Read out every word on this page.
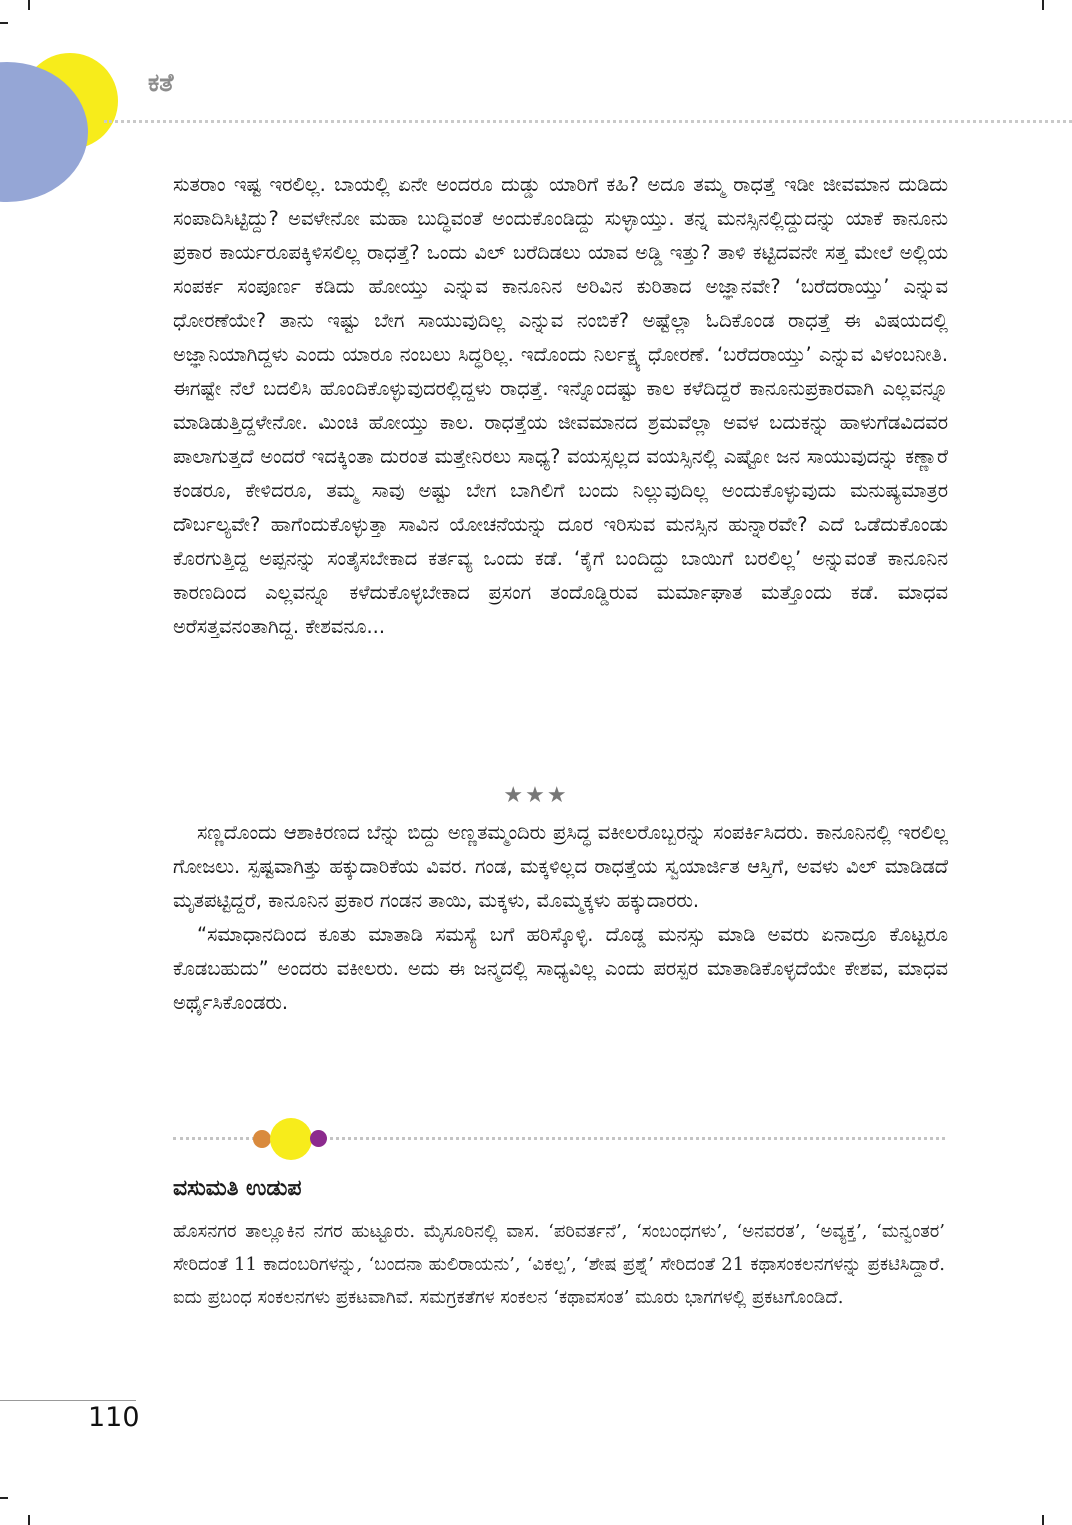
ಕತೆ

ಸುತರಾಂ ಇಷ್ಟ ಇರಲಿಲ್ಲ. ಬಾಯಲ್ಲಿ ಏನೇ ಅಂದರೂ ದುಡ್ಡು ಯಾರಿಗೆ ಕಹಿ? ಅದೂ ತಮ್ಮ ರಾಧತ್ತೆ ಇಡೀ ಜೀವಮಾನ ದುಡಿದು ಸಂಪಾದಿಸಿಟ್ಟಿದ್ದು? ಅವಳೇನೋ ಮಹಾ ಬುದ್ಧಿವಂತೆ ಅಂದುಕೊಂಡಿದ್ದು ಸುಳ್ಳಾಯ್ತು. ತನ್ನ ಮನಸ್ಸಿನಲ್ಲಿದ್ದುದನ್ನು ಯಾಕೆ ಕಾನೂನು ಪ್ರಕಾರ ಕಾರ್ಯರೂಪಕ್ಕಿಳಿಸಲಿಲ್ಲ ರಾಧತ್ತೆ? ಒಂದು ವಿಲ್ ಬರೆದಿಡಲು ಯಾವ ಅಡ್ಡಿ ಇತ್ತು? ತಾಳಿ ಕಟ್ಟಿದವನೇ ಸತ್ತ ಮೇಲೆ ಅಲ್ಲಿಯ ಸಂಪರ್ಕ ಸಂಪೂರ್ಣ ಕಡಿದು ಹೋಯ್ತು ಎನ್ನುವ ಕಾನೂನಿನ ಅರಿವಿನ ಕುರಿತಾದ ಅಜ್ಞಾನವೇ? ‘ಬರೆದರಾಯ್ತು’ ಎನ್ನುವ ಧೋರಣೆಯೇ? ತಾನು ಇಷ್ಟು ಬೇಗ ಸಾಯುವುದಿಲ್ಲ ಎನ್ನುವ ನಂಬಿಕೆ? ಅಷ್ಟೆಲ್ಲಾ ಓದಿಕೊಂಡ ರಾಧತ್ತೆ ಈ ವಿಷಯದಲ್ಲಿ ಅಜ್ಞಾನಿಯಾಗಿದ್ದಳು ಎಂದು ಯಾರೂ ನಂಬಲು ಸಿದ್ಧರಿಲ್ಲ. ಇದೊಂದು ನಿರ್ಲಕ್ಷ್ಯ ಧೋರಣೆ. ‘ಬರೆದರಾಯ್ತು’ ಎನ್ನುವ ವಿಳಂಬನೀತಿ. ಈಗಷ್ಟೇ ನೆಲೆ ಬದಲಿಸಿ ಹೊಂದಿಕೊಳ್ಳುವುದರಲ್ಲಿದ್ದಳು ರಾಧತ್ತೆ. ಇನ್ನೊಂದಷ್ಟು ಕಾಲ ಕಳೆದಿದ್ದರೆ ಕಾನೂನುಪ್ರಕಾರವಾಗಿ ಎಲ್ಲವನ್ನೂ ಮಾಡಿಡುತ್ತಿದ್ದಳೇನೋ. ಮಿಂಚಿ ಹೋಯ್ತು ಕಾಲ. ರಾಧತ್ತೆಯ ಜೀವಮಾನದ ಶ್ರಮವೆಲ್ಲಾ ಅವಳ ಬದುಕನ್ನು ಹಾಳುಗೆಡವಿದವರ ಪಾಲಾಗುತ್ತದೆ ಅಂದರೆ ಇದಕ್ಕಿಂತಾ ದುರಂತ ಮತ್ತೇನಿರಲು ಸಾಧ್ಯ? ವಯಸ್ಸಲ್ಲದ ವಯಸ್ಸಿನಲ್ಲಿ ಎಷ್ಟೋ ಜನ ಸಾಯುವುದನ್ನು ಕಣ್ಣಾರೆ ಕಂಡರೂ, ಕೇಳಿದರೂ, ತಮ್ಮ ಸಾವು ಅಷ್ಟು ಬೇಗ ಬಾಗಿಲಿಗೆ ಬಂದು ನಿಲ್ಲುವುದಿಲ್ಲ ಅಂದುಕೊಳ್ಳುವುದು ಮನುಷ್ಯಮಾತ್ರರ ದೌರ್ಬಲ್ಯವೇ? ಹಾಗೆಂದುಕೊಳ್ಳುತ್ತಾ ಸಾವಿನ ಯೋಚನೆಯನ್ನು ದೂರ ಇರಿಸುವ ಮನಸ್ಸಿನ ಹುನ್ನಾರವೇ? ಎದೆ ಒಡೆದುಕೊಂಡು ಕೊರಗುತ್ತಿದ್ದ ಅಪ್ಪನನ್ನು ಸಂತೈಸಬೇಕಾದ ಕರ್ತವ್ಯ ಒಂದು ಕಡೆ. ‘ಕೈಗೆ ಬಂದಿದ್ದು ಬಾಯಿಗೆ ಬರಲಿಲ್ಲ’ ಅನ್ನುವಂತೆ ಕಾನೂನಿನ ಕಾರಣದಿಂದ ಎಲ್ಲವನ್ನೂ ಕಳೆದುಕೊಳ್ಳಬೇಕಾದ ಪ್ರಸಂಗ ತಂದೊಡ್ಡಿರುವ ಮರ್ಮಾಘಾತ ಮತ್ತೊಂದು ಕಡೆ. ಮಾಧವ ಅರೆಸತ್ತವನಂತಾಗಿದ್ದ. ಕೇಶವನೂ...

★★★

ಸಣ್ಣದೊಂದು ಆಶಾಕಿರಣದ ಬೆನ್ನು ಬಿದ್ದು ಅಣ್ಣತಮ್ಮಂದಿರು ಪ್ರಸಿದ್ಧ ವಕೀಲರೊಬ್ಬರನ್ನು ಸಂಪರ್ಕಿಸಿದರು. ಕಾನೂನಿನಲ್ಲಿ ಇರಲಿಲ್ಲ ಗೋಜಲು. ಸ್ಪಷ್ಟವಾಗಿತ್ತು ಹಕ್ಕುದಾರಿಕೆಯ ವಿವರ. ಗಂಡ, ಮಕ್ಕಳಿಲ್ಲದ ರಾಧತ್ತೆಯ ಸ್ವಯಾರ್ಜಿತ ಆಸ್ತಿಗೆ, ಅವಳು ವಿಲ್ ಮಾಡಿಡದೆ ಮೃತಪಟ್ಟಿದ್ದರೆ, ಕಾನೂನಿನ ಪ್ರಕಾರ ಗಂಡನ ತಾಯಿ, ಮಕ್ಕಳು, ಮೊಮ್ಮಕ್ಕಳು ಹಕ್ಕುದಾರರು.

“ಸಮಾಧಾನದಿಂದ ಕೂತು ಮಾತಾಡಿ ಸಮಸ್ಯೆ ಬಗೆ ಹರಿಸ್ಕೊಳ್ಳಿ. ದೊಡ್ಡ ಮನಸ್ಸು ಮಾಡಿ ಅವರು ಏನಾದ್ರೂ ಕೊಟ್ಟರೂ ಕೊಡಬಹುದು” ಅಂದರು ವಕೀಲರು. ಅದು ಈ ಜನ್ಮದಲ್ಲಿ ಸಾಧ್ಯವಿಲ್ಲ ಎಂದು ಪರಸ್ಪರ ಮಾತಾಡಿಕೊಳ್ಳದೆಯೇ ಕೇಶವ, ಮಾಧವ ಅರ್ಥೈಸಿಕೊಂಡರು.

ವಸುಮತಿ ಉಡುಪ

ಹೊಸನಗರ ತಾಲ್ಲೂಕಿನ ನಗರ ಹುಟ್ಟೂರು. ಮೈಸೂರಿನಲ್ಲಿ ವಾಸ. ‘ಪರಿವರ್ತನೆ’, ‘ಸಂಬಂಧಗಳು’, ‘ಅನವರತ’, ‘ಅವ್ಯಕ್ತ’, ‘ಮನ್ವಂತರ’ ಸೇರಿದಂತೆ 11 ಕಾದಂಬರಿಗಳನ್ನು, ‘ಬಂದನಾ ಹುಲಿರಾಯನು’, ‘ವಿಕಲ್ಪ’, ‘ಶೇಷ ಪ್ರಶ್ನೆ’ ಸೇರಿದಂತೆ 21 ಕಥಾಸಂಕಲನಗಳನ್ನು ಪ್ರಕಟಿಸಿದ್ದಾರೆ. ಐದು ಪ್ರಬಂಧ ಸಂಕಲನಗಳು ಪ್ರಕಟವಾಗಿವೆ. ಸಮಗ್ರಕತೆಗಳ ಸಂಕಲನ ‘ಕಥಾವಸಂತ’ ಮೂರು ಭಾಗಗಳಲ್ಲಿ ಪ್ರಕಟಗೊಂಡಿದೆ.

110
